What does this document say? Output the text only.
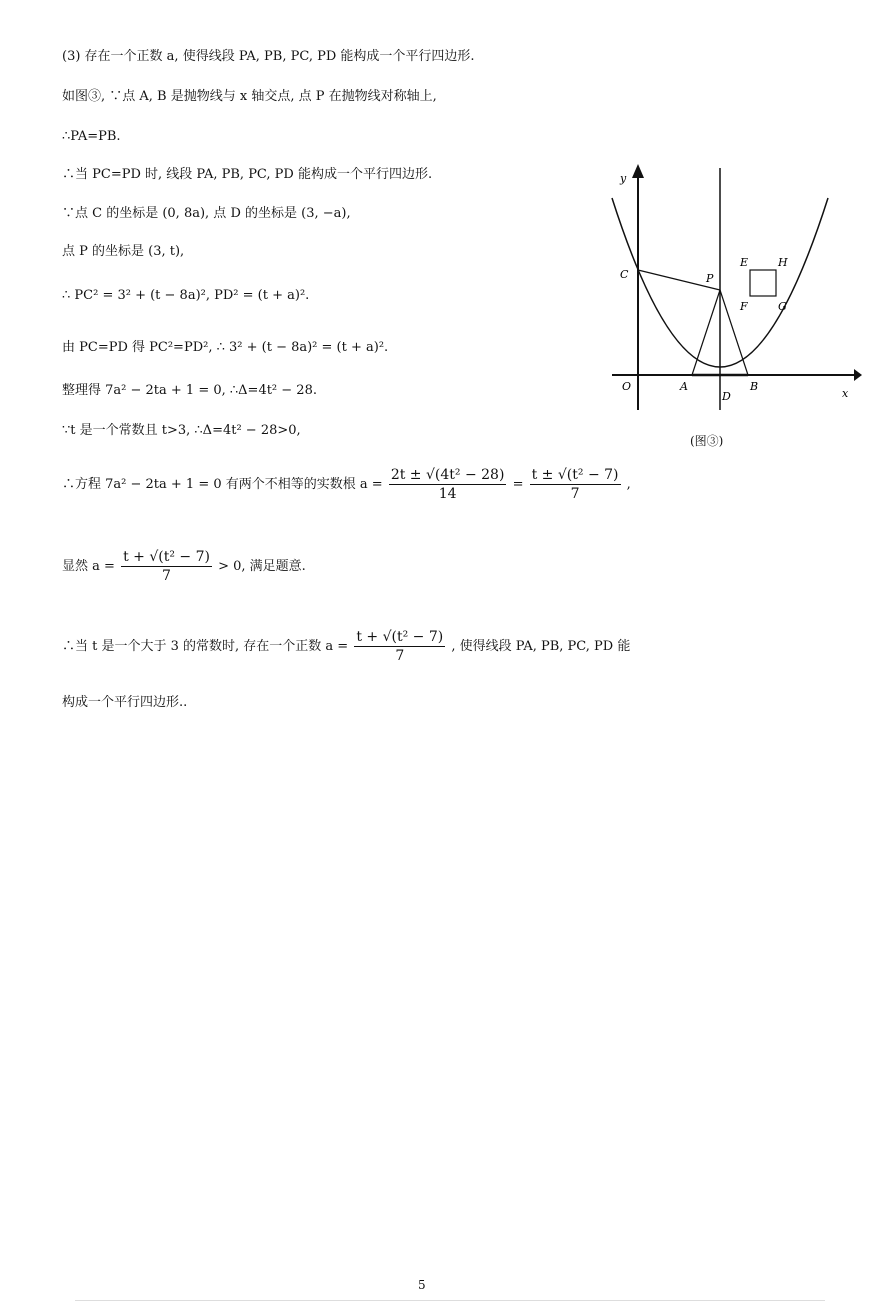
(3) 存在一个正数 a, 使得线段 PA, PB, PC, PD 能构成一个平行四边形.
如图③, ∵点 A, B 是抛物线与 x 轴交点, 点 P 在抛物线对称轴上,
∴PA=PB.
∴当 PC=PD 时, 线段 PA, PB, PC, PD 能构成一个平行四边形.
∵点 C 的坐标是 (0, 8a), 点 D 的坐标是 (3, −a),
点 P 的坐标是 (3, t),
∴ PC² = 3² + (t − 8a)², PD² = (t + a)².
由 PC=PD 得 PC²=PD², ∴ 3² + (t − 8a)² = (t + a)².
整理得 7a² − 2ta + 1 = 0, ∴Δ=4t² − 28.
∵t 是一个常数且 t>3, ∴Δ=4t² − 28>0,
∴方程 7a² − 2ta + 1 = 0 有两个不相等的实数根 $a = \frac{\text{2t ± √(4t² − 28)}}{14} = \frac{\text{t ± √(t² − 7)}}{7}$ ,
显然 $a = \frac{\text{t + √(t² − 7)}}{7} > 0$, 满足题意.
∴当 t 是一个大于 3 的常数时, 存在一个正数 $a = \frac{\text{t + √(t² − 7)}}{7}$ , 使得线段 PA, PB, PC, PD 能
构成一个平行四边形..
y
x
O	A	B
D
C	P
E	H
F	G
(图③)
5
